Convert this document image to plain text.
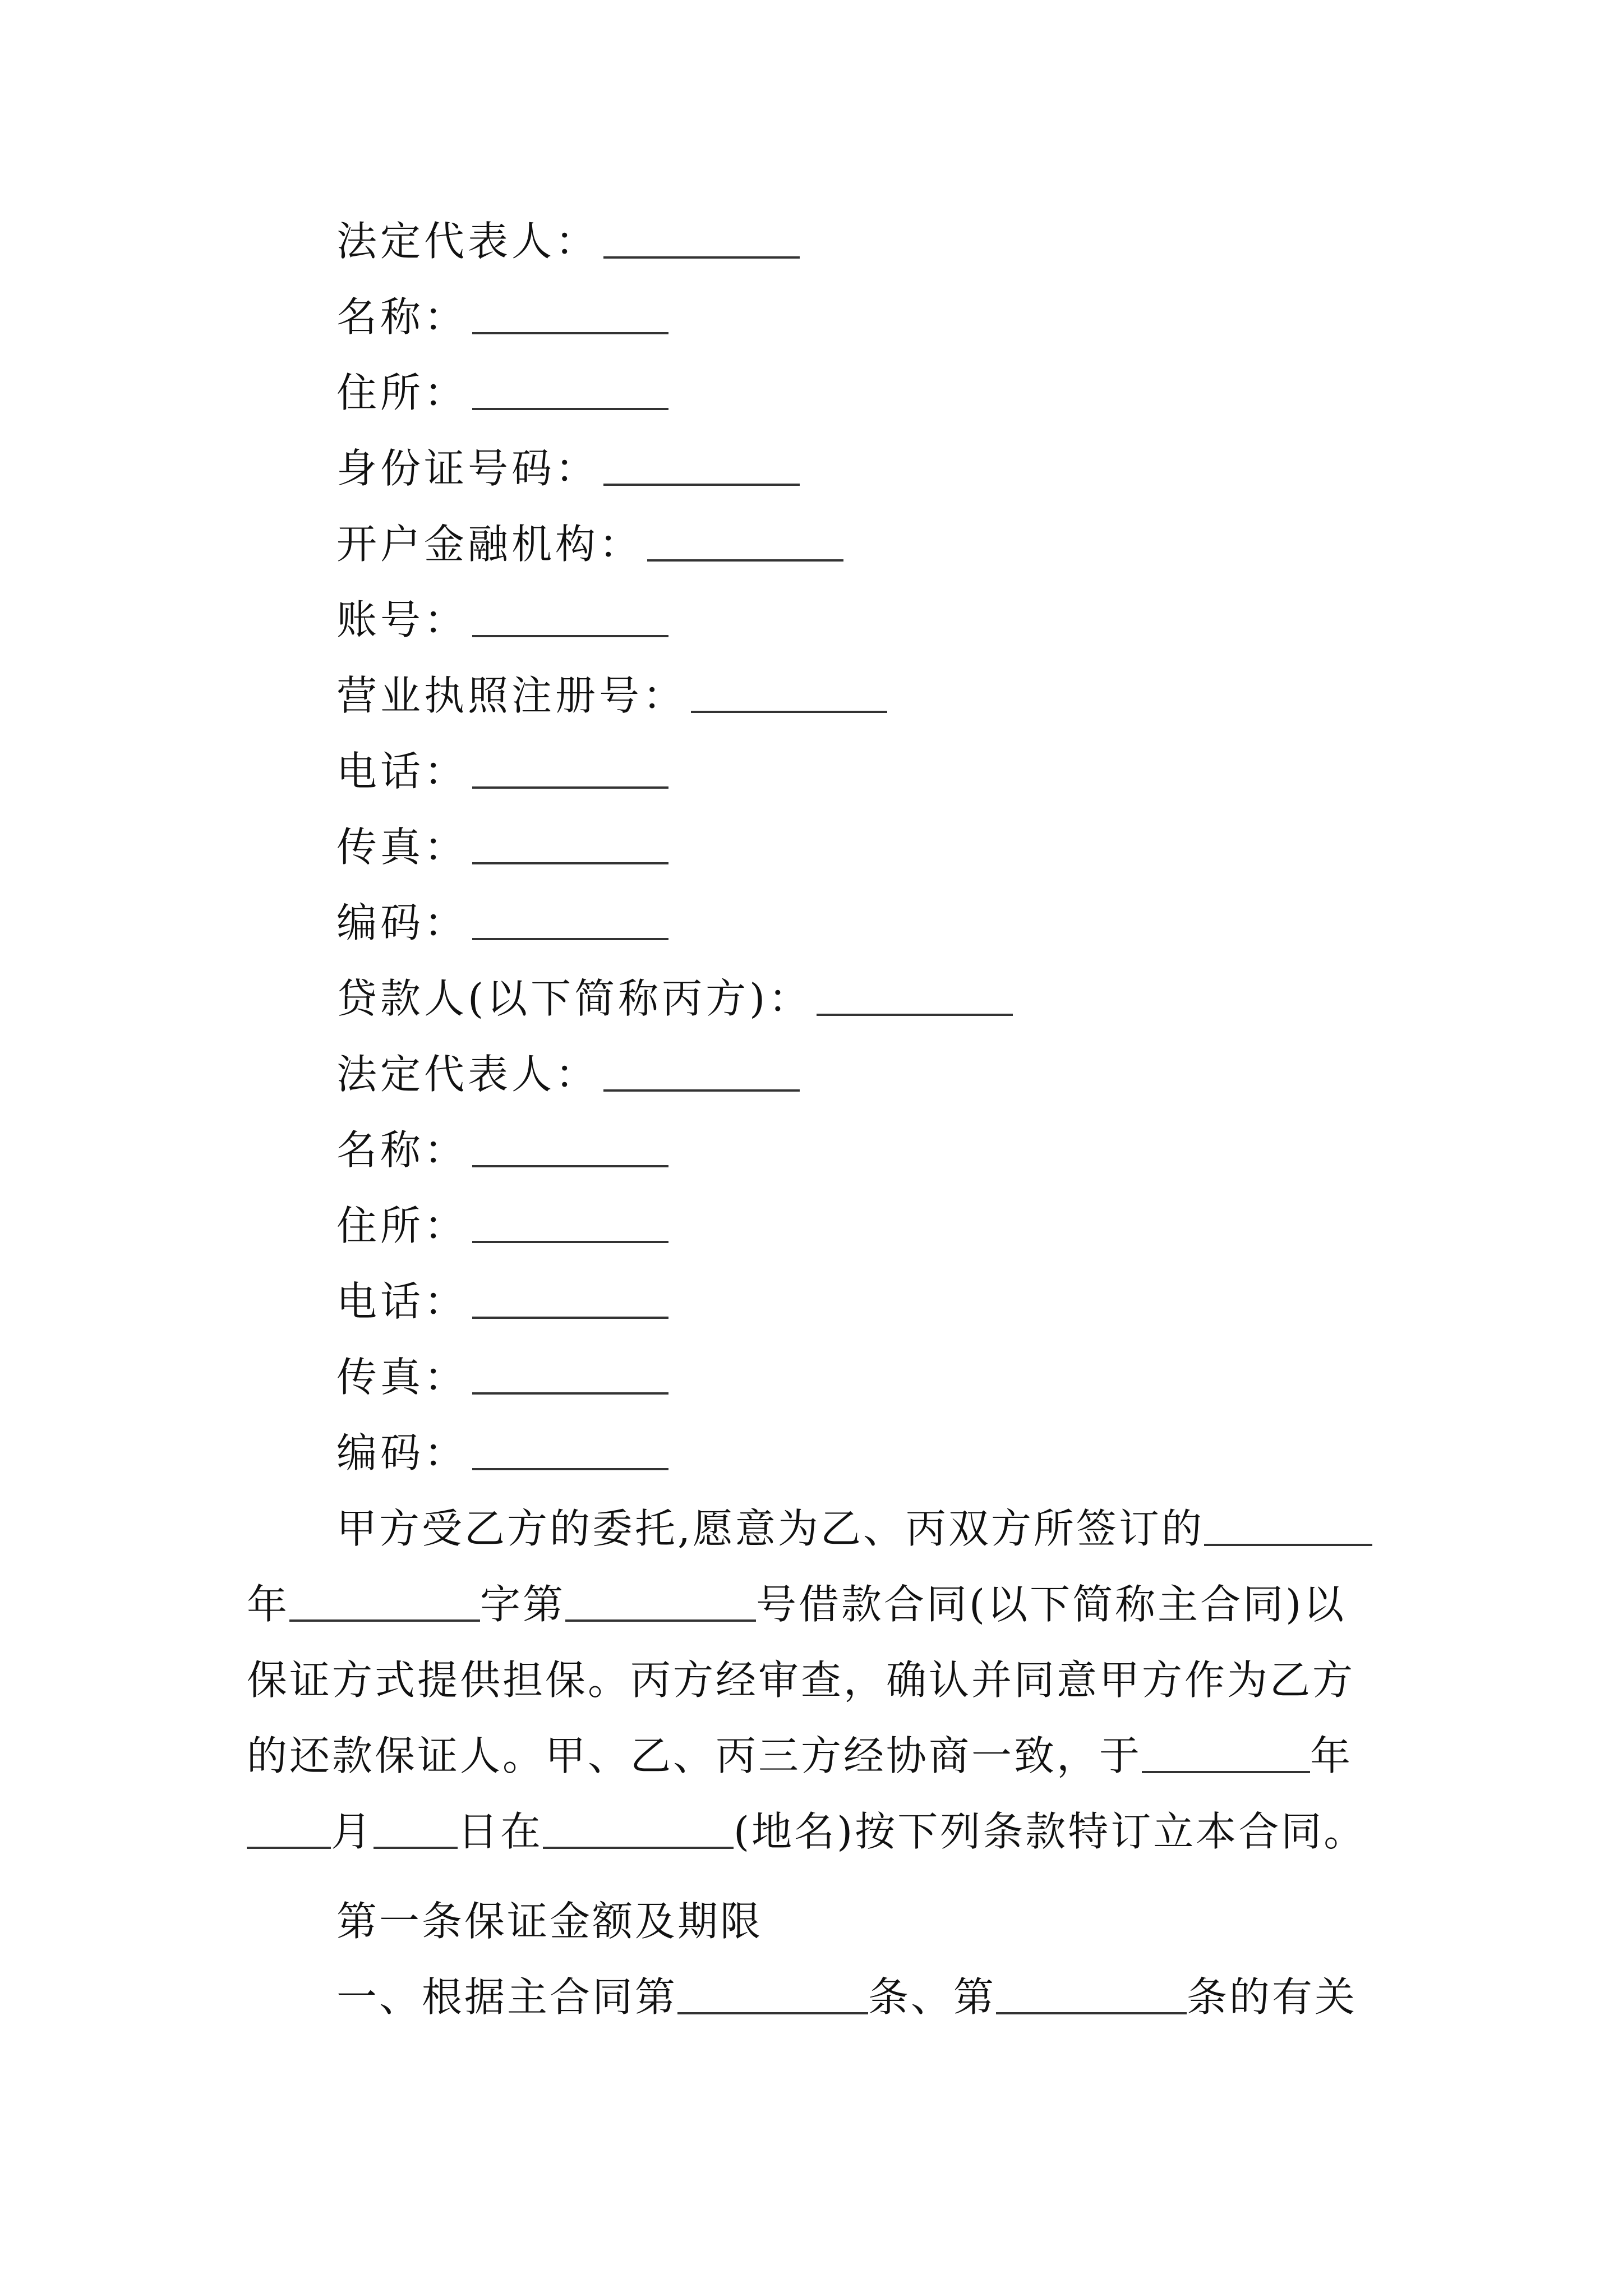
法定代表人：
名称：
住所：
身份证号码：
开户金融机构：
账号：
营业执照注册号：
电话：
传真：
编码：
贷款人(以下简称丙方)：
法定代表人：
名称：
住所：
电话：
传真：
编码：
甲方受乙方的委托,愿意为乙、丙双方所签订的
年	字第	号借款合同(以下简称主合同)以
保证方式提供担保。丙方经审查，确认并同意甲方作为乙方
的还款保证人。甲、乙、丙三方经协商一致，于	年
月 日在	(地名)按下列条款特订立本合同。
第一条保证金额及期限
一、根据主合同第	条、第	条的有关
